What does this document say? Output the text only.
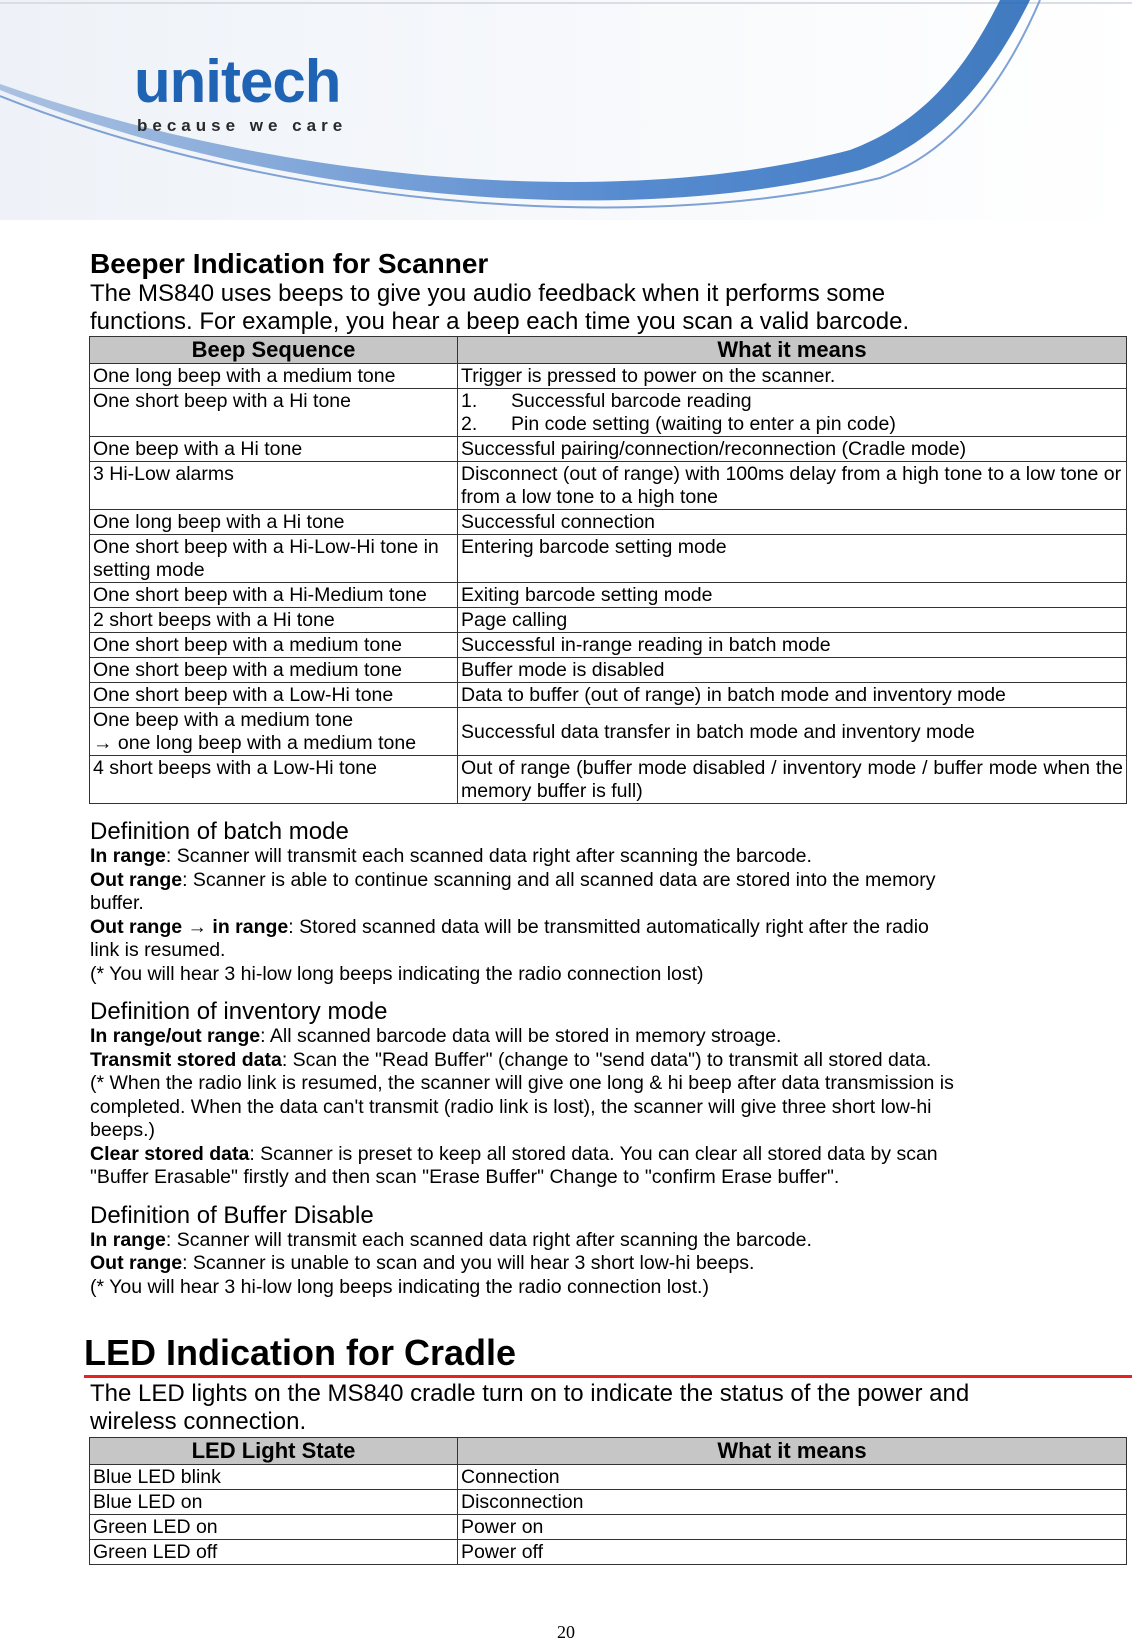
unitech
because we care
Beeper Indication for Scanner

The MS840 uses beeps to give you audio feedback when it performs some

functions. For example, you hear a beep each time you scan a valid barcode.

Beep Sequence	What it means
One long beep with a medium tone	Trigger is pressed to power on the scanner.
One short beep with a Hi tone	1. Successful barcode reading
2. Pin code setting (waiting to enter a pin code)

One beep with a Hi tone	Successful pairing/connection/reconnection (Cradle mode)
3 Hi-Low alarms	Disconnect (out of range) with 100ms delay from a high tone to a low tone or from a low tone to a high tone
One long beep with a Hi tone	Successful connection
One short beep with a Hi-Low-Hi tone in setting mode	Entering barcode setting mode
One short beep with a Hi-Medium tone	Exiting barcode setting mode
2 short beeps with a Hi tone	Page calling
One short beep with a medium tone	Successful in-range reading in batch mode
One short beep with a medium tone	Buffer mode is disabled
One short beep with a Low-Hi tone	Data to buffer (out of range) in batch mode and inventory mode

One beep with a medium tone
→ one long beep with a medium tone	Successful data transfer in batch mode and inventory mode
4 short beeps with a Low-Hi tone	Out of range (buffer mode disabled / inventory mode / buffer mode when the memory buffer is full)

Definition of batch mode

In range: Scanner will transmit each scanned data right after scanning the barcode.

Out range: Scanner is able to continue scanning and all scanned data are stored into the memory

buffer.

Out range → in range: Stored scanned data will be transmitted automatically right after the radio

link is resumed.

(* You will hear 3 hi-low long beeps indicating the radio connection lost)

Definition of inventory mode

In range/out range: All scanned barcode data will be stored in memory stroage.

Transmit stored data: Scan the "Read Buffer" (change to "send data") to transmit all stored data.

(* When the radio link is resumed, the scanner will give one long & hi beep after data transmission is

completed. When the data can't transmit (radio link is lost), the scanner will give three short low-hi

beeps.)

Clear stored data: Scanner is preset to keep all stored data. You can clear all stored data by scan

"Buffer Erasable" firstly and then scan "Erase Buffer" Change to "confirm Erase buffer".

Definition of Buffer Disable

In range: Scanner will transmit each scanned data right after scanning the barcode.

Out range: Scanner is unable to scan and you will hear 3 short low-hi beeps.

(* You will hear 3 hi-low long beeps indicating the radio connection lost.)

LED Indication for Cradle

The LED lights on the MS840 cradle turn on to indicate the status of the power and

wireless connection.

LED Light State	What it means
Blue LED blink	Connection
Blue LED on	Disconnection
Green LED on	Power on
Green LED off	Power off
20
